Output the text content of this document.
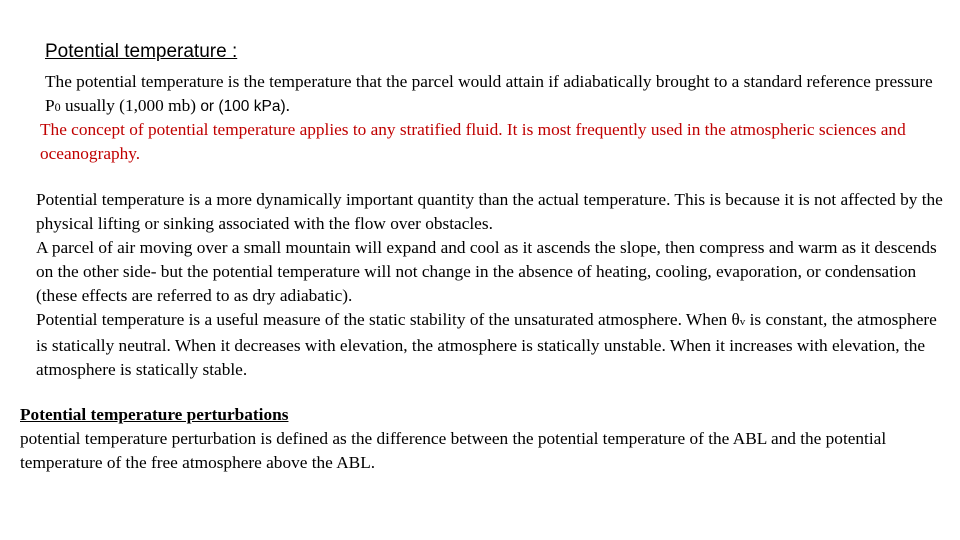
Potential temperature :

The potential temperature is the temperature that the parcel would attain if adiabatically brought to a standard reference pressure P0 usually (1,000 mb) or (100 kPa).

The concept of potential temperature applies to any stratified fluid. It is most frequently used in the atmospheric sciences and oceanography.

Potential temperature is a more dynamically important quantity than the actual temperature. This is because it is not affected by the physical lifting or sinking associated with the flow over obstacles.
A parcel of air moving over a small mountain will expand and cool as it ascends the slope, then compress and warm as it descends on the other side- but the potential temperature will not change in the absence of heating, cooling, evaporation, or condensation (these effects are referred to as dry adiabatic).
Potential temperature is a useful measure of the static stability of the unsaturated atmosphere. When θv is constant, the atmosphere is statically neutral. When it decreases with elevation, the atmosphere is statically unstable. When it increases with elevation, the atmosphere is statically stable.

Potential temperature perturbations

potential temperature perturbation is defined as the difference between the potential temperature of the ABL and the potential temperature of the free atmosphere above the ABL.
